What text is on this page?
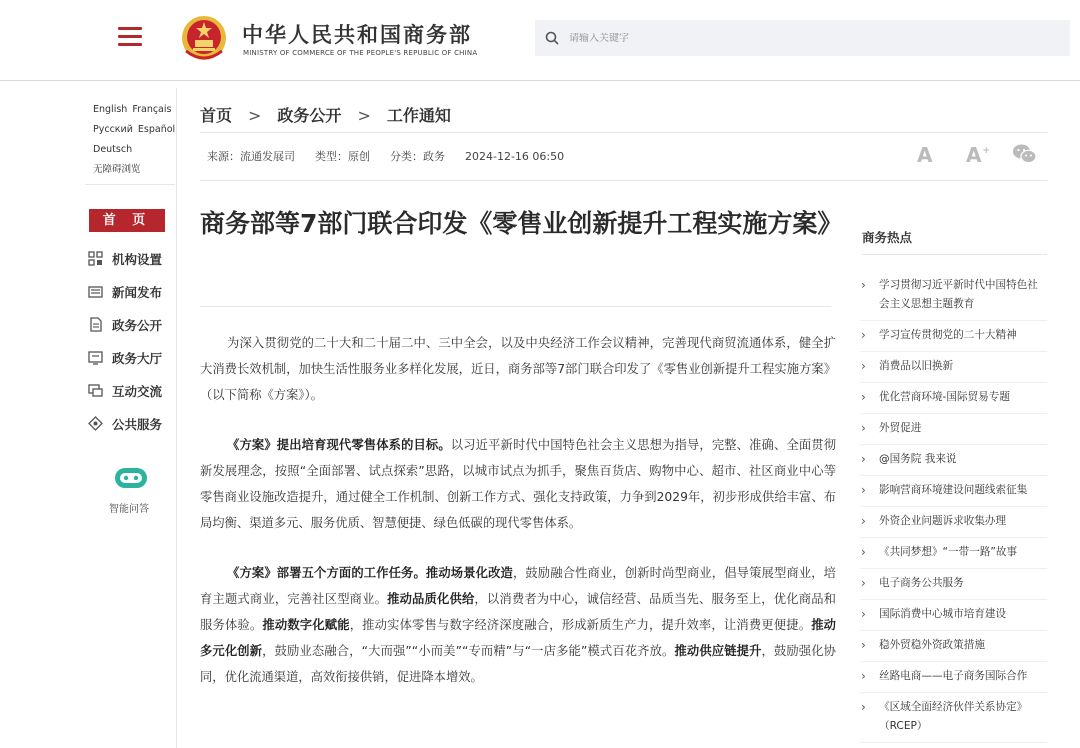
中华人民共和国商务部
MINISTRY OF COMMERCE OF THE PEOPLE'S REPUBLIC OF CHINA
请输入关键字
English Français
Русский Español
Deutsch
无障碍浏览
首 页
机构设置
新闻发布
政务公开
政务大厅
互动交流
公共服务
智能问答
首页 > 政务公开 > 工作通知
来源：流通发展司 类型：原创 分类：政务 2024-12-16 06:50	A A+
商务部等7部门联合印发《零售业创新提升工程实施方案》

为深入贯彻党的二十大和二十届二中、三中全会，以及中央经济工作会议精神，完善现代商贸流通体系，健全扩大消费长效机制，加快生活性服务业多样化发展，近日，商务部等7部门联合印发了《零售业创新提升工程实施方案》（以下简称《方案》）。

《方案》提出培育现代零售体系的目标。以习近平新时代中国特色社会主义思想为指导，完整、准确、全面贯彻新发展理念，按照“全面部署、试点探索”思路，以城市试点为抓手，聚焦百货店、购物中心、超市、社区商业中心等零售商业设施改造提升，通过健全工作机制、创新工作方式、强化支持政策，力争到2029年，初步形成供给丰富、布局均衡、渠道多元、服务优质、智慧便捷、绿色低碳的现代零售体系。

《方案》部署五个方面的工作任务。推动场景化改造，鼓励融合性商业，创新时尚型商业，倡导策展型商业，培育主题式商业，完善社区型商业。推动品质化供给，以消费者为中心，诚信经营、品质当先、服务至上，优化商品和服务体验。推动数字化赋能，推动实体零售与数字经济深度融合，形成新质生产力，提升效率，让消费更便捷。推动多元化创新，鼓励业态融合，“大而强”“小而美”“专而精”与“一店多能”模式百花齐放。推动供应链提升，鼓励强化协同，优化流通渠道，高效衔接供销，促进降本增效。

商务热点
› 学习贯彻习近平新时代中国特色社会主义思想主题教育
› 学习宣传贯彻党的二十大精神
› 消费品以旧换新
› 优化营商环境-国际贸易专题
› 外贸促进
› @国务院 我来说
› 影响营商环境建设问题线索征集
› 外资企业问题诉求收集办理
› 《共同梦想》“一带一路”故事
› 电子商务公共服务
› 国际消费中心城市培育建设
› 稳外贸稳外资政策措施
› 丝路电商——电子商务国际合作
› 《区域全面经济伙伴关系协定》（RCEP）
